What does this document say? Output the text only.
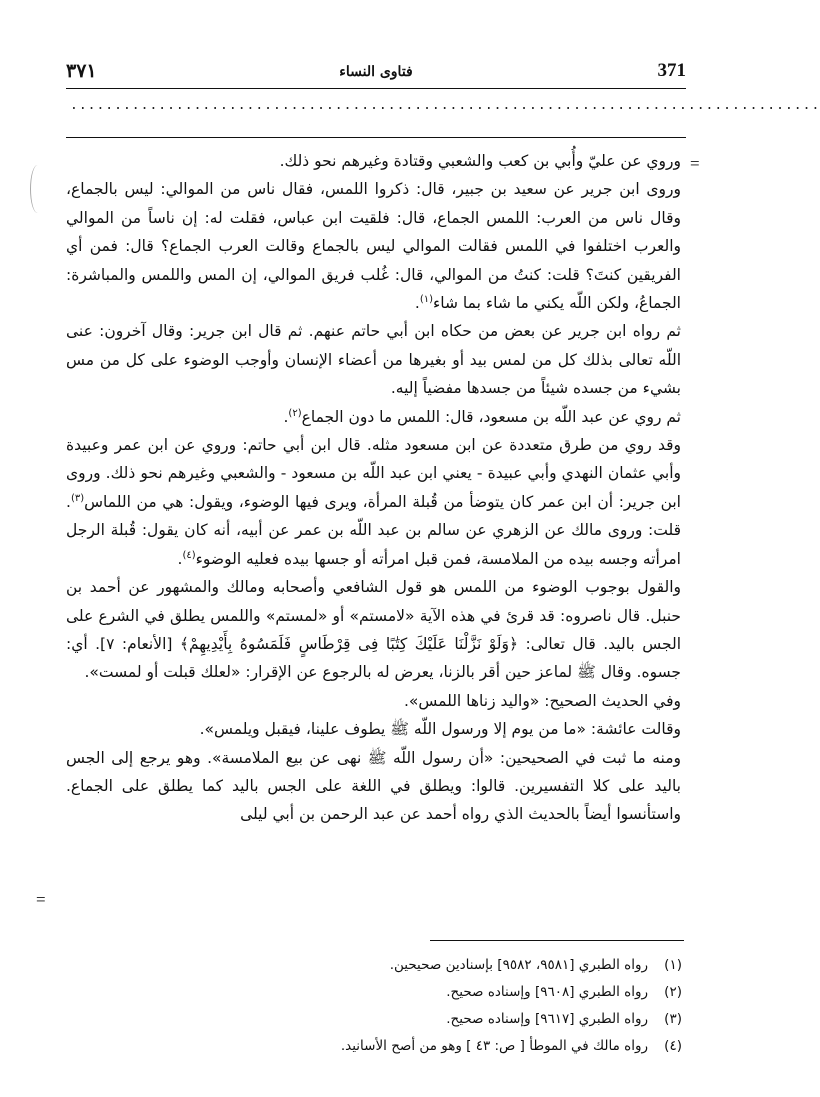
٣٧١	فتاوى النساء	371
.....................................................................................
=
=

وروي عن عليّ وأُبي بن كعب والشعبي وقتادة وغيرهم نحو ذلك.

وروى ابن جرير عن سعيد بن جبير، قال: ذكروا اللمس، فقال ناس من الموالي: ليس بالجماع، وقال ناس من العرب: اللمس الجماع، قال: فلقيت ابن عباس، فقلت له: إن ناساً من الموالي والعرب اختلفوا في اللمس فقالت الموالي ليس بالجماع وقالت العرب الجماع؟ قال: فمن أي الفريقين كنتَ؟ قلت: كنتُ من الموالي، قال: غُلب فريق الموالي، إن المس واللمس والمباشرة: الجماعُ، ولكن اللّه يكني ما شاء بما شاء$^{(١)}$.

ثم رواه ابن جرير عن بعض من حكاه ابن أبي حاتم عنهم. ثم قال ابن جرير: وقال آخرون: عنى اللّه تعالى بذلك كل من لمس بيد أو بغيرها من أعضاء الإنسان وأوجب الوضوء على كل من مس بشيء من جسده شيئاً من جسدها مفضياً إليه.

ثم روي عن عبد اللّه بن مسعود، قال: اللمس ما دون الجماع$^{(٢)}$.

وقد روي من طرق متعددة عن ابن مسعود مثله. قال ابن أبي حاتم: وروي عن ابن عمر وعبيدة وأبي عثمان النهدي وأبي عبيدة - يعني ابن عبد اللّه بن مسعود - والشعبي وغيرهم نحو ذلك. وروى ابن جرير: أن ابن عمر كان يتوضأ من قُبلة المرأة، ويرى فيها الوضوء، ويقول: هي من اللماس$^{(٣)}$. قلت: وروى مالك عن الزهري عن سالم بن عبد اللّه بن عمر عن أبيه، أنه كان يقول: قُبلة الرجل امرأته وجسه بيده من الملامسة، فمن قبل امرأته أو جسها بيده فعليه الوضوء$^{(٤)}$.

والقول بوجوب الوضوء من اللمس هو قول الشافعي وأصحابه ومالك والمشهور عن أحمد بن حنبل. قال ناصروه: قد قرئ في هذه الآية «لامستم» أو «لمستم» واللمس يطلق في الشرع على الجس باليد. قال تعالى: ﴿وَلَوْ نَزَّلْنَا عَلَيْكَ كِتَٰبًا فِى قِرْطَاسٍ فَلَمَسُوهُ بِأَيْدِيهِمْ﴾ [الأنعام: ٧]. أي: جسوه. وقال ﷺ لماعز حين أقر بالزنا، يعرض له بالرجوع عن الإقرار: «لعلك قبلت أو لمست».

وفي الحديث الصحيح: «واليد زناها اللمس».

وقالت عائشة: «ما من يوم إلا ورسول اللّه ﷺ يطوف علينا، فيقبل ويلمس».

ومنه ما ثبت في الصحيحين: «أن رسول اللّه ﷺ نهى عن بيع الملامسة». وهو يرجع إلى الجس باليد على كلا التفسيرين. قالوا: ويطلق في اللغة على الجس باليد كما يطلق على الجماع. واستأنسوا أيضاً بالحديث الذي رواه أحمد عن عبد الرحمن بن أبي ليلى

(١)
رواه الطبري [٩٥٨١، ٩٥٨٢] بإسنادين صحيحين.
(٢)
رواه الطبري [٩٦٠٨] وإسناده صحيح.
(٣)
رواه الطبري [٩٦١٧] وإسناده صحيح.
(٤)
رواه مالك في الموطأ [ ص: ٤٣ ] وهو من أصح الأسانيد.
